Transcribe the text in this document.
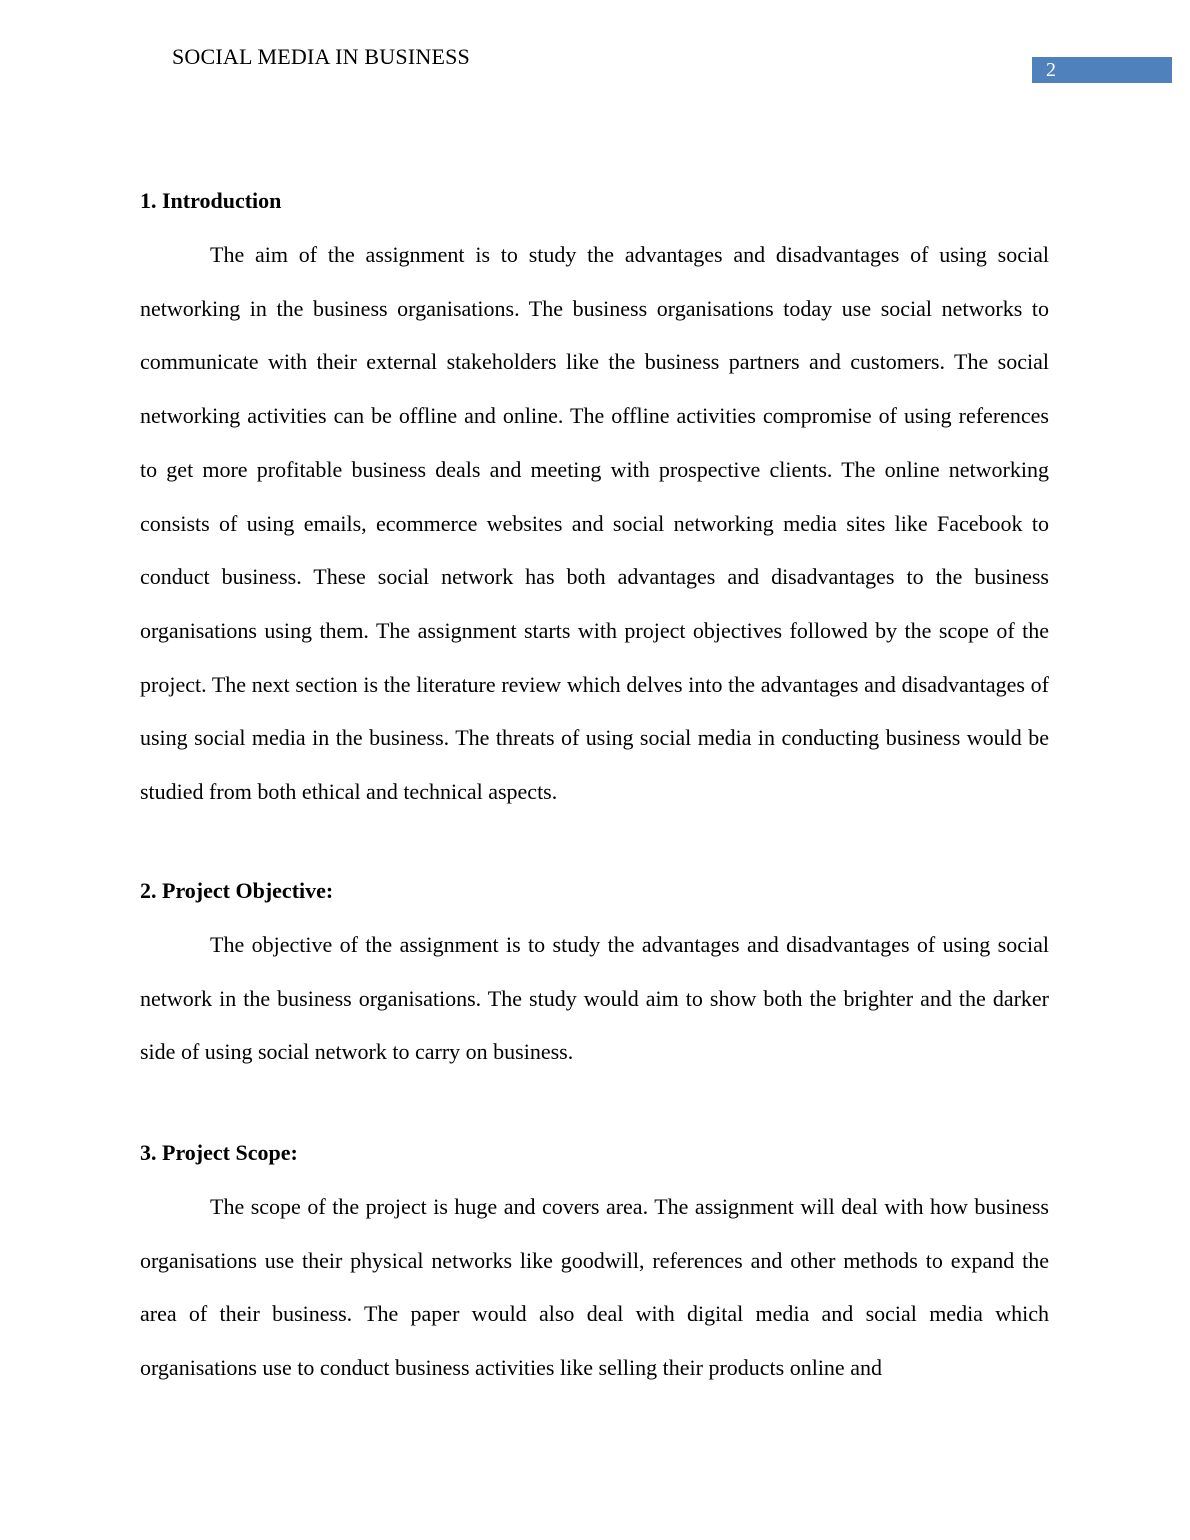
SOCIAL MEDIA IN BUSINESS
2
1. Introduction

The aim of the assignment is to study the advantages and disadvantages of using social networking in the business organisations. The business organisations today use social networks to communicate with their external stakeholders like the business partners and customers. The social networking activities can be offline and online. The offline activities compromise of using references to get more profitable business deals and meeting with prospective clients. The online networking consists of using emails, ecommerce websites and social networking media sites like Facebook to conduct business. These social network has both advantages and disadvantages to the business organisations using them. The assignment starts with project objectives followed by the scope of the project. The next section is the literature review which delves into the advantages and disadvantages of using social media in the business. The threats of using social media in conducting business would be studied from both ethical and technical aspects.

2. Project Objective:

The objective of the assignment is to study the advantages and disadvantages of using social network in the business organisations. The study would aim to show both the brighter and the darker side of using social network to carry on business.

3. Project Scope:

The scope of the project is huge and covers area. The assignment will deal with how business organisations use their physical networks like goodwill, references and other methods to expand the area of their business. The paper would also deal with digital media and social media which organisations use to conduct business activities like selling their products online and
